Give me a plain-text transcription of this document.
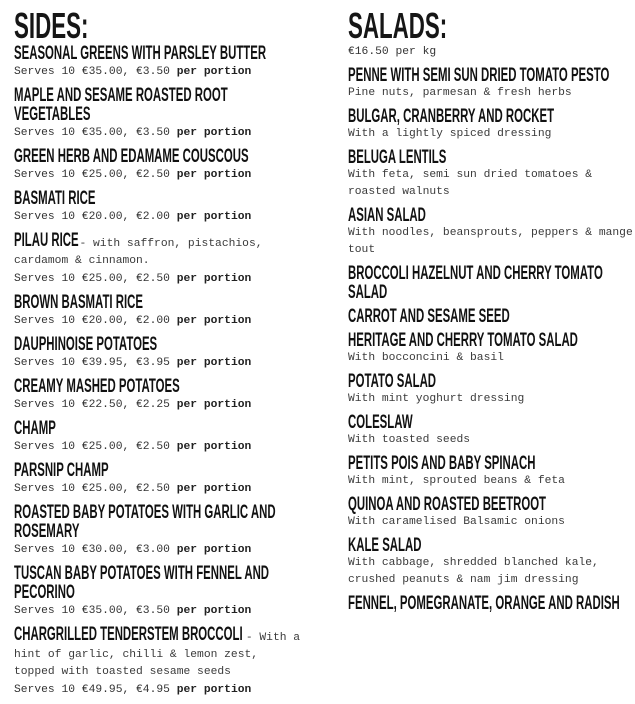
SIDES:
SEASONAL GREENS WITH PARSLEY BUTTER
Serves 10 €35.00, €3.50 per portion
MAPLE AND SESAME ROASTED ROOT VEGETABLES
Serves 10 €35.00, €3.50 per portion
GREEN HERB AND EDAMAME COUSCOUS
Serves 10 €25.00, €2.50 per portion
BASMATI RICE
Serves 10 €20.00, €2.00 per portion
PILAU RICE - with saffron, pistachios, cardamom & cinnamon.
Serves 10 €25.00, €2.50 per portion
BROWN BASMATI RICE
Serves 10 €20.00, €2.00 per portion
DAUPHINOISE POTATOES
Serves 10 €39.95, €3.95 per portion
CREAMY MASHED POTATOES
Serves 10 €22.50, €2.25 per portion
CHAMP
Serves 10 €25.00, €2.50 per portion
PARSNIP CHAMP
Serves 10 €25.00, €2.50 per portion
ROASTED BABY POTATOES WITH GARLIC AND ROSEMARY
Serves 10 €30.00, €3.00 per portion
TUSCAN BABY POTATOES WITH FENNEL AND PECORINO
Serves 10 €35.00, €3.50 per portion
CHARGRILLED TENDERSTEM BROCCOLI - With a hint of garlic, chilli & lemon zest, topped with toasted sesame seeds
Serves 10 €49.95, €4.95 per portion
SALADS:
€16.50 per kg
PENNE WITH SEMI SUN DRIED TOMATO PESTO
Pine nuts, parmesan & fresh herbs
BULGAR, CRANBERRY AND ROCKET
With a lightly spiced dressing
BELUGA LENTILS
With feta, semi sun dried tomatoes & roasted walnuts
ASIAN SALAD
With noodles, beansprouts, peppers & mange tout
BROCCOLI HAZELNUT AND CHERRY TOMATO SALAD
CARROT AND SESAME SEED
HERITAGE AND CHERRY TOMATO SALAD
With bocconcini & basil
POTATO SALAD
With mint yoghurt dressing
COLESLAW
With toasted seeds
PETITS POIS AND BABY SPINACH
With mint, sprouted beans & feta
QUINOA AND ROASTED BEETROOT
With caramelised Balsamic onions
KALE SALAD
With cabbage, shredded blanched kale, crushed peanuts & nam jim dressing
FENNEL, POMEGRANATE, ORANGE AND RADISH
